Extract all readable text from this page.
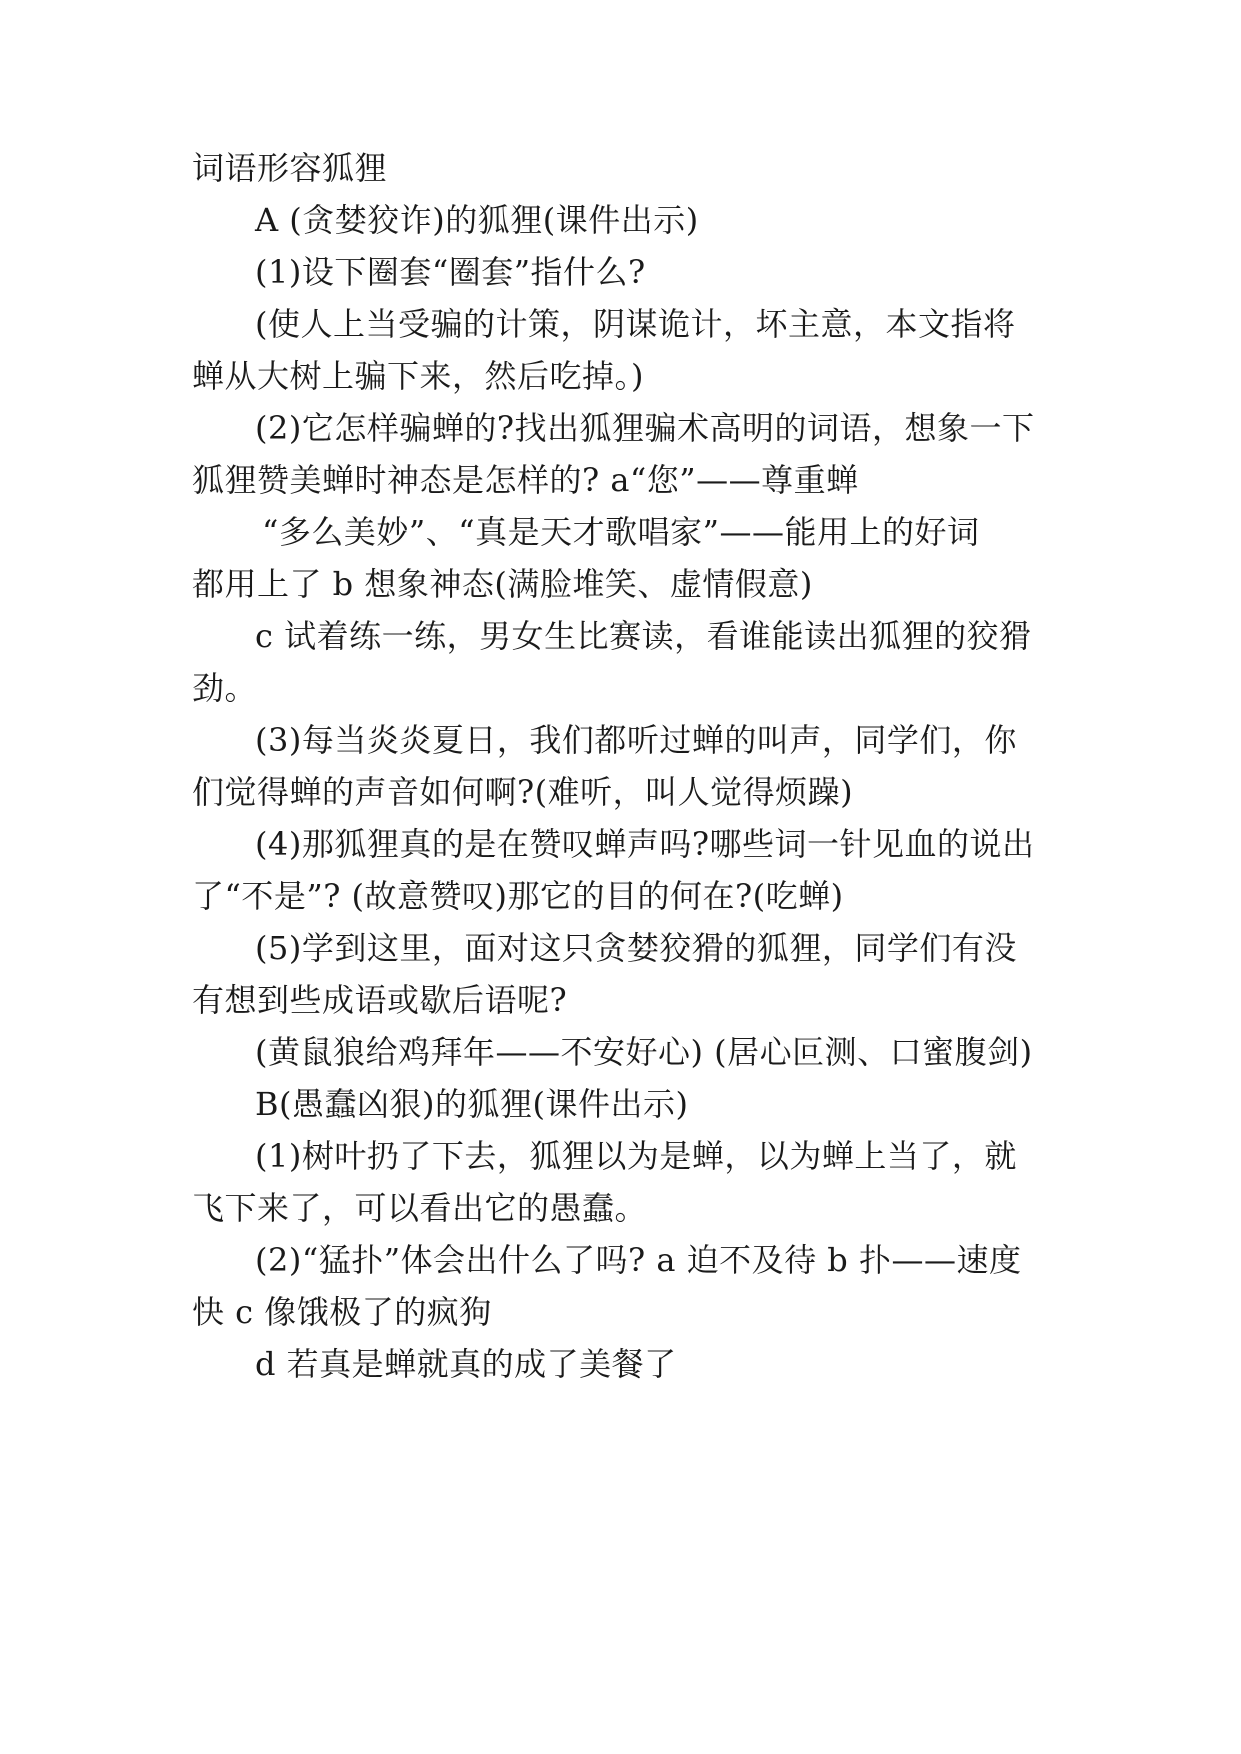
词语形容狐狸
A (贪婪狡诈)的狐狸(课件出示)
(1)设下圈套“圈套”指什么?
(使人上当受骗的计策，阴谋诡计，坏主意，本文指将
蝉从大树上骗下来，然后吃掉。)
(2)它怎样骗蝉的?找出狐狸骗术高明的词语，想象一下
狐狸赞美蝉时神态是怎样的? a“您”——尊重蝉
“多么美妙”、“真是天才歌唱家”——能用上的好词
都用上了 b 想象神态(满脸堆笑、虚情假意)
c 试着练一练，男女生比赛读，看谁能读出狐狸的狡猾
劲。
(3)每当炎炎夏日，我们都听过蝉的叫声，同学们，你
们觉得蝉的声音如何啊?(难听，叫人觉得烦躁)
(4)那狐狸真的是在赞叹蝉声吗?哪些词一针见血的说出
了“不是”? (故意赞叹)那它的目的何在?(吃蝉)
(5)学到这里，面对这只贪婪狡猾的狐狸，同学们有没
有想到些成语或歇后语呢?
(黄鼠狼给鸡拜年——不安好心) (居心叵测、口蜜腹剑)
B(愚蠢凶狠)的狐狸(课件出示)
(1)树叶扔了下去，狐狸以为是蝉，以为蝉上当了，就
飞下来了，可以看出它的愚蠢。
(2)“猛扑”体会出什么了吗? a 迫不及待 b 扑——速度
快 c 像饿极了的疯狗
d 若真是蝉就真的成了美餐了
